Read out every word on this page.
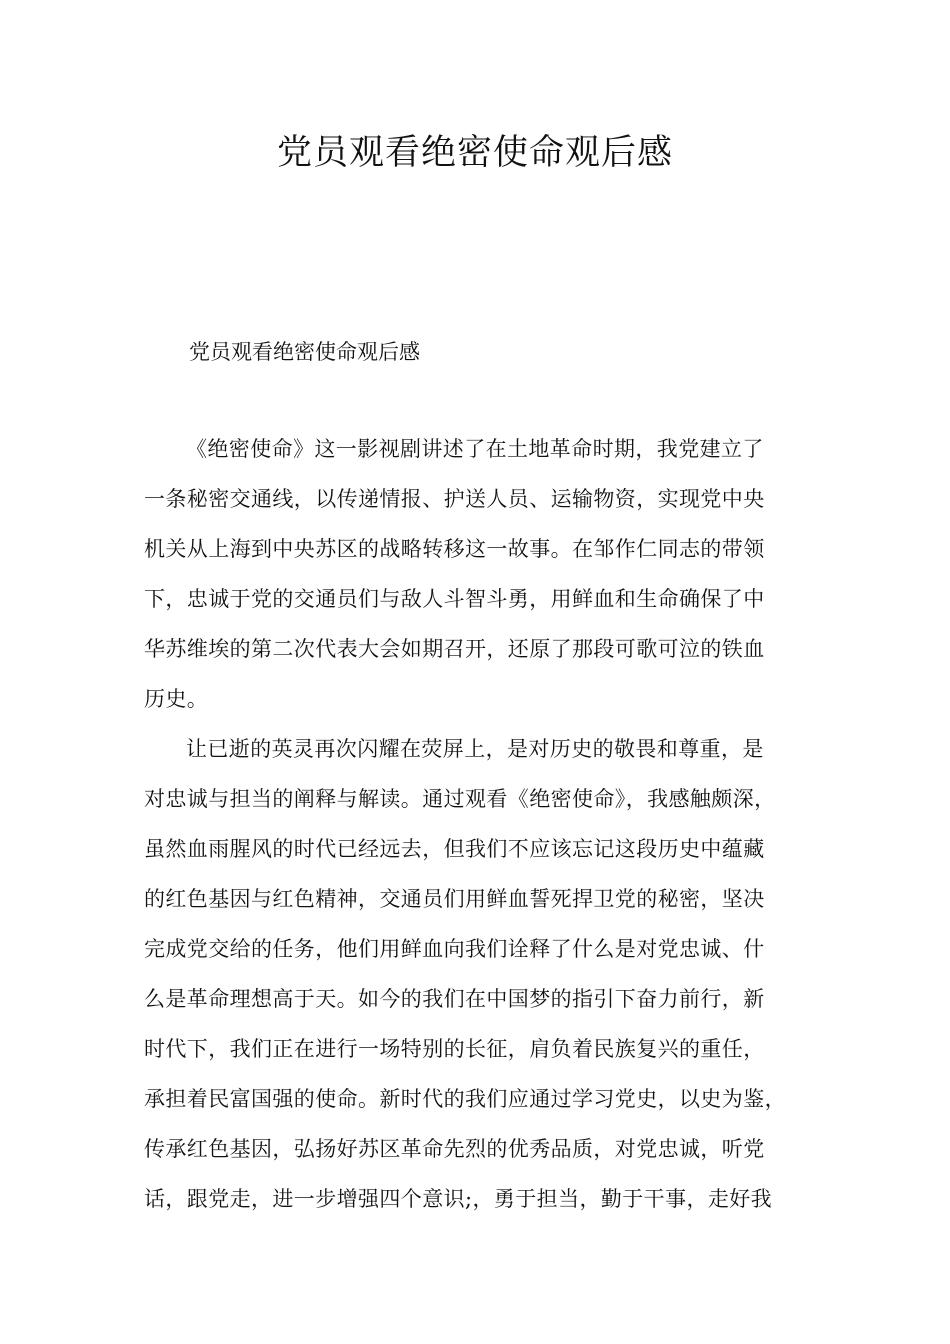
党员观看绝密使命观后感

党员观看绝密使命观后感

《绝密使命》这一影视剧讲述了在土地革命时期，我党建立了
一条秘密交通线，以传递情报、护送人员、运输物资，实现党中央
机关从上海到中央苏区的战略转移这一故事。在邹作仁同志的带领
下，忠诚于党的交通员们与敌人斗智斗勇，用鲜血和生命确保了中
华苏维埃的第二次代表大会如期召开，还原了那段可歌可泣的铁血
历史。
让已逝的英灵再次闪耀在荧屏上，是对历史的敬畏和尊重，是
对忠诚与担当的阐释与解读。通过观看《绝密使命》，我感触颇深，
虽然血雨腥风的时代已经远去，但我们不应该忘记这段历史中蕴藏
的红色基因与红色精神，交通员们用鲜血誓死捍卫党的秘密，坚决
完成党交给的任务，他们用鲜血向我们诠释了什么是对党忠诚、什
么是革命理想高于天。如今的我们在中国梦的指引下奋力前行，新
时代下，我们正在进行一场特别的长征，肩负着民族复兴的重任，
承担着民富国强的使命。新时代的我们应通过学习党史，以史为鉴，
传承红色基因，弘扬好苏区革命先烈的优秀品质，对党忠诚，听党
话，跟党走，进一步增强四个意识;，勇于担当，勤于干事，走好我
